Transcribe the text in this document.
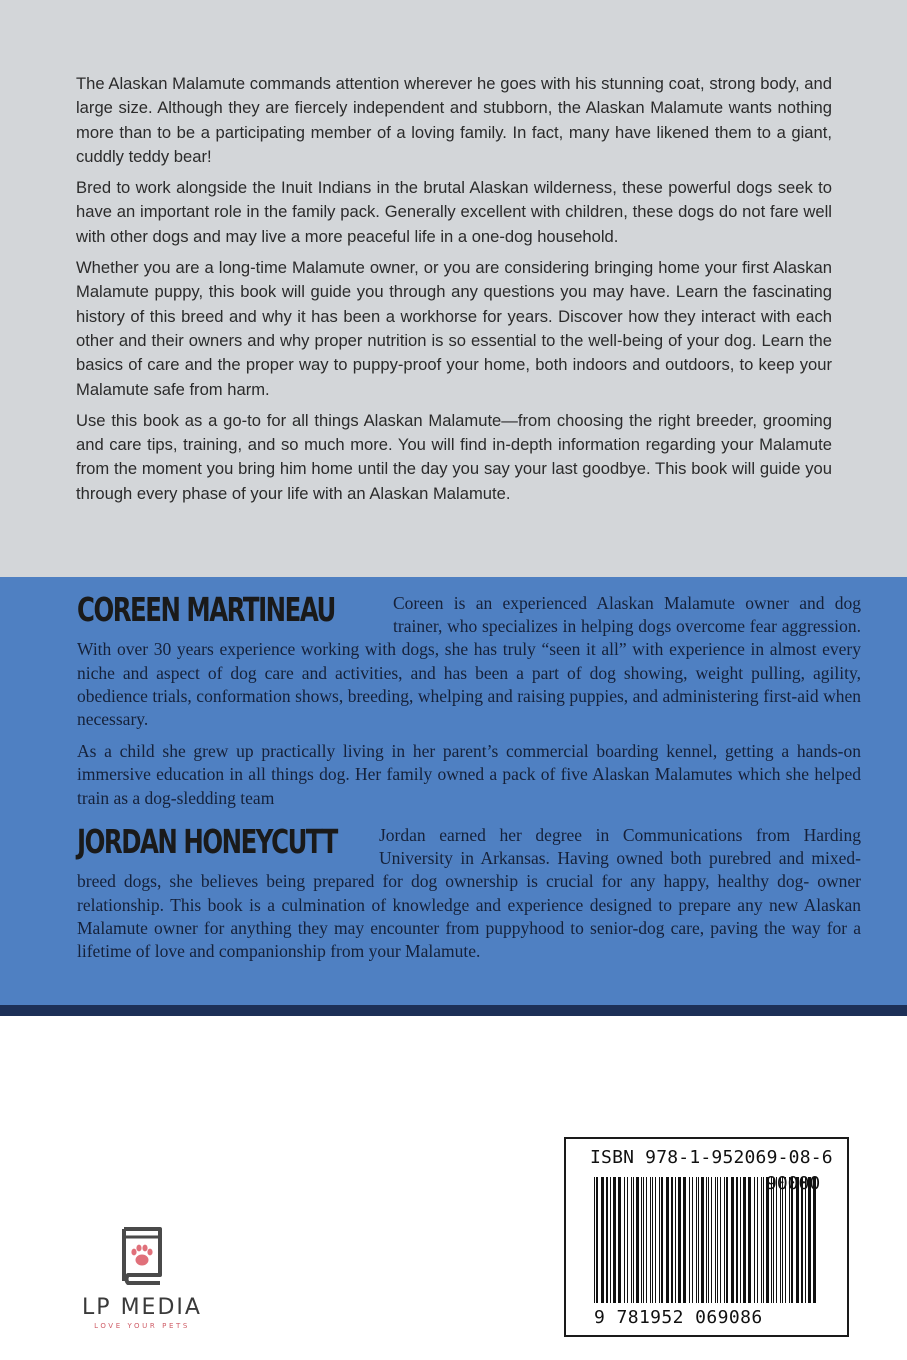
The Alaskan Malamute commands attention wherever he goes with his stunning coat, strong body, and large size. Although they are fiercely independent and stubborn, the Alaskan Malamute wants nothing more than to be a participating member of a loving family. In fact, many have likened them to a giant, cuddly teddy bear!

Bred to work alongside the Inuit Indians in the brutal Alaskan wilderness, these powerful dogs seek to have an important role in the family pack. Generally excellent with children, these dogs do not fare well with other dogs and may live a more peaceful life in a one-dog household.

Whether you are a long-time Malamute owner, or you are considering bringing home your first Alaskan Malamute puppy, this book will guide you through any questions you may have. Learn the fascinating history of this breed and why it has been a workhorse for years. Discover how they interact with each other and their owners and why proper nutrition is so essential to the well-being of your dog. Learn the basics of care and the proper way to puppy-proof your home, both indoors and outdoors, to keep your Malamute safe from harm.

Use this book as a go-to for all things Alaskan Malamute—from choosing the right breeder, grooming and care tips, training, and so much more. You will find in-depth information regarding your Malamute from the moment you bring him home until the day you say your last goodbye. This book will guide you through every phase of your life with an Alaskan Malamute.

COREEN MARTINEAU	Coreen is an experienced Alaskan Malamute owner and dog trainer, who specializes in helping dogs overcome fear aggression. With over 30 years experience working with dogs, she has truly “seen it all” with experience in almost every niche and aspect of dog care and activities, and has been a part of dog showing, weight pulling, agility, obedience trials, conformation shows, breeding, whelping and raising puppies, and administering first-aid when necessary.

As a child she grew up practically living in her parent’s commercial boarding kennel, getting a hands-on immersive education in all things dog. Her family owned a pack of five Alaskan Malamutes which she helped train as a dog-sledding team

JORDAN HONEYCUTT	Jordan earned her degree in Communications from Harding University in Arkansas. Having owned both purebred and mixed-breed dogs, she believes being prepared for dog ownership is crucial for any happy, healthy dog- owner relationship. This book is a culmination of knowledge and experience designed to prepare any new Alaskan Malamute owner for anything they may encounter from puppyhood to senior-dog care, paving the way for a lifetime of love and companionship from your Malamute.

LP MEDIA
LOVE YOUR PETS
ISBN 978-1-952069-08-6
90000
9 781952 069086
